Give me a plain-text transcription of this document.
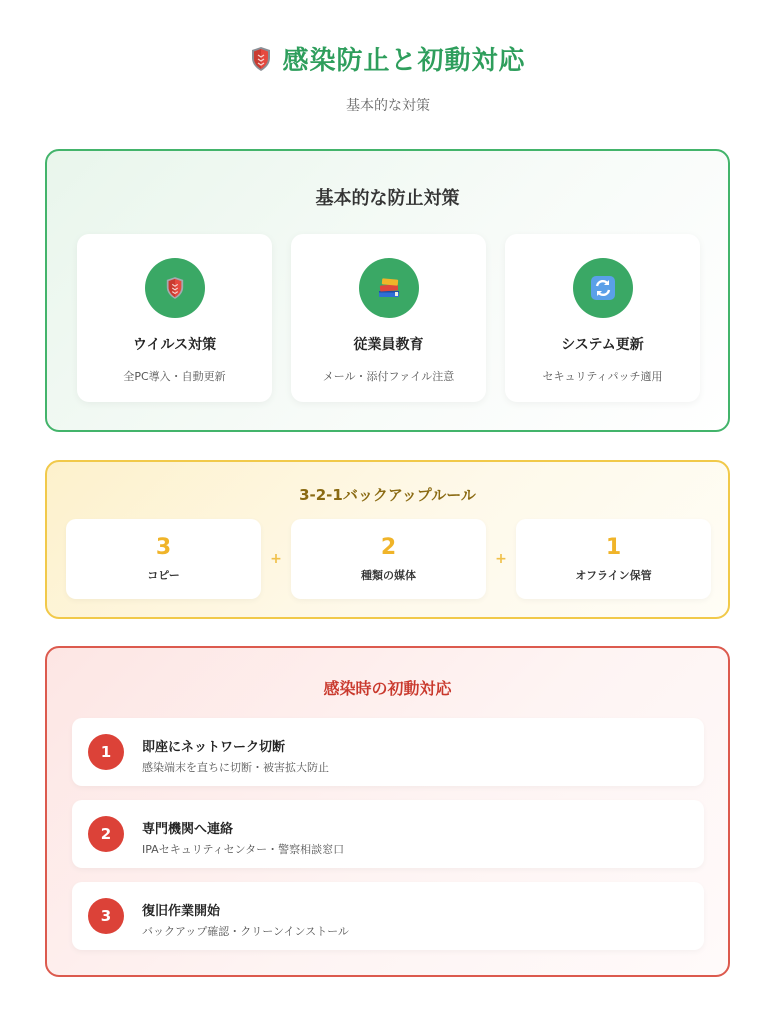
感染防止と初動対応
基本的な対策
基本的な防止対策
ウイルス対策
全PC導入・自動更新
従業員教育
メール・添付ファイル注意
システム更新
セキュリティパッチ適用
3-2-1バックアップルール
3
コピー
+	2
種類の媒体
+	1
オフライン保管
感染時の初動対応
1	即座にネットワーク切断
感染端末を直ちに切断・被害拡大防止
2	専門機関へ連絡
IPAセキュリティセンター・警察相談窓口
3	復旧作業開始
バックアップ確認・クリーンインストール
